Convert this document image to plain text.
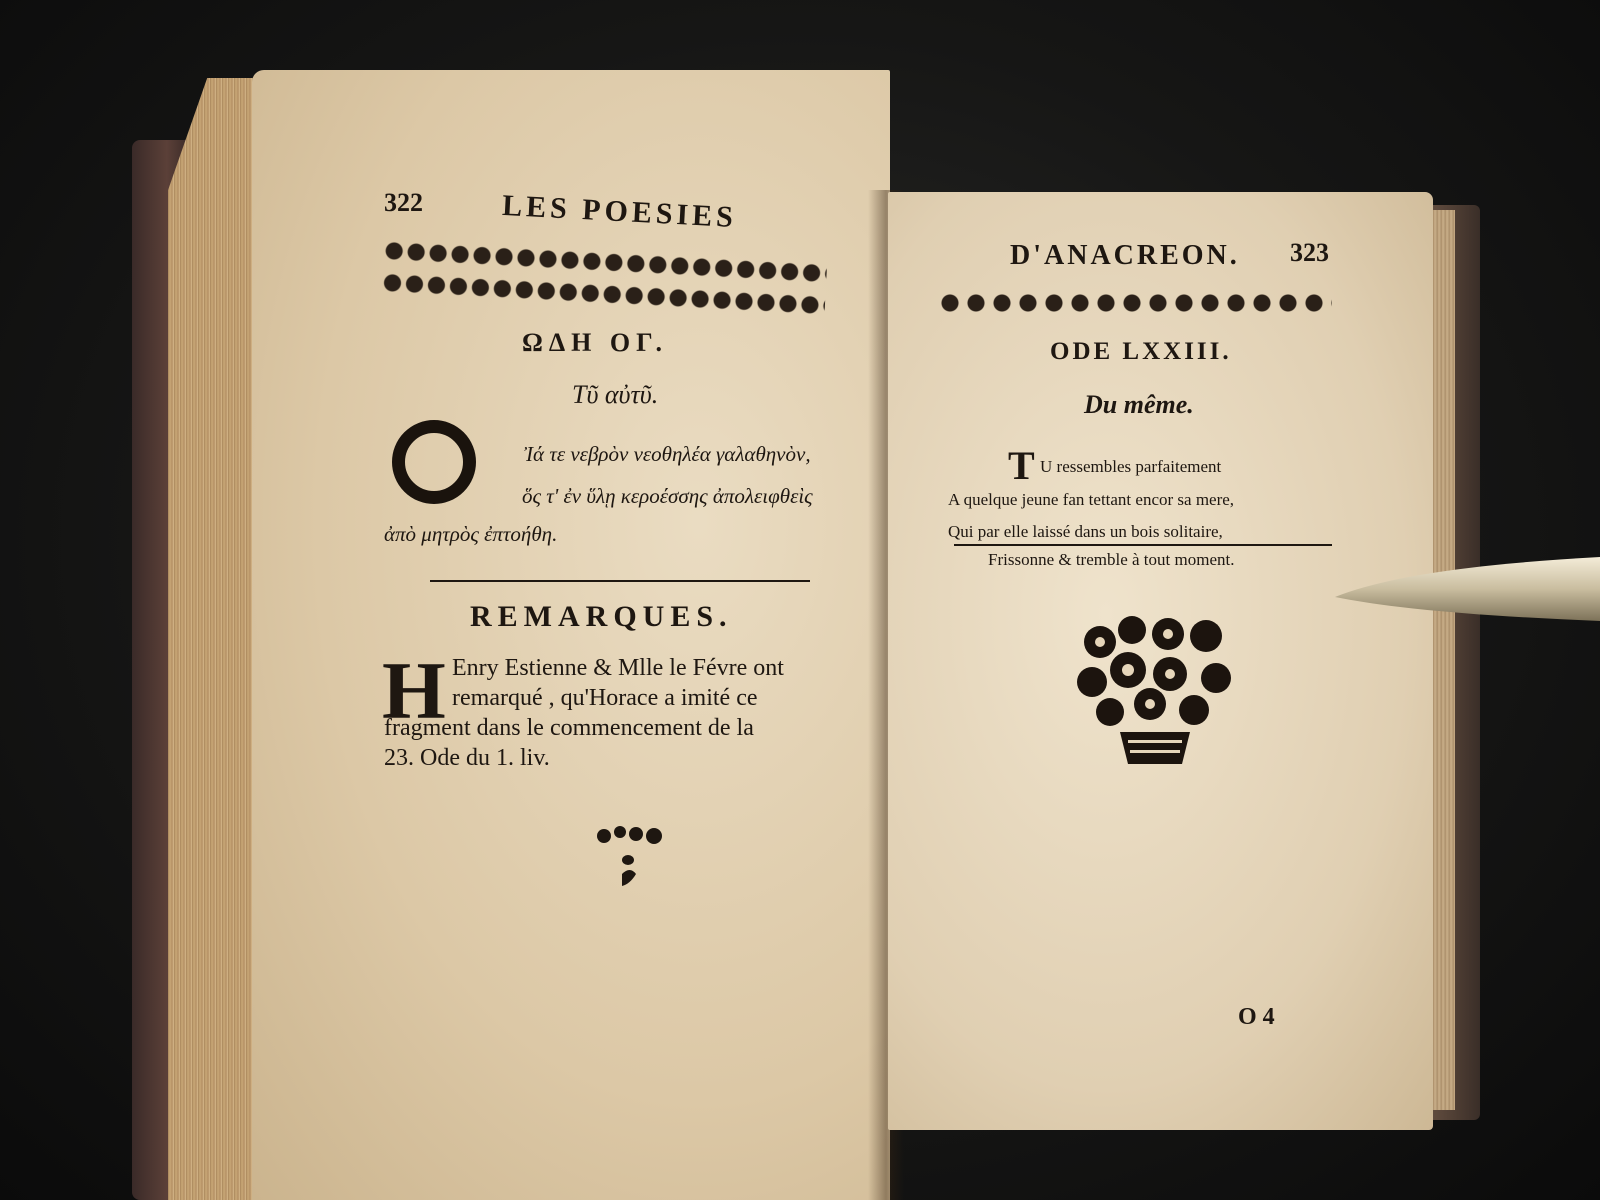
322	LES POESIES
ΩΔΗ ΟΓ.
Τῦ αὐτῦ.
Ἰά τε νεβρὸν νεοθηλέα γαλαθηνὸν,
ὅς τ' ἐν ὕλῃ κεροέσσης ἀπολειφθεὶς
ἀπὸ μητρὸς ἐπτοήθη.
REMARQUES.
H Enry Estienne & Mlle le Févre ont
remarqué , qu'Horace a imité ce
fragment dans le commencement de la
23. Ode du 1. liv.
D'ANACREON. 323
ODE LXXIII.
Du même.
T U ressembles parfaitement
A quelque jeune fan tettant encor sa mere,
Qui par elle laissé dans un bois solitaire,
Frissonne & tremble à tout moment.
O 4
